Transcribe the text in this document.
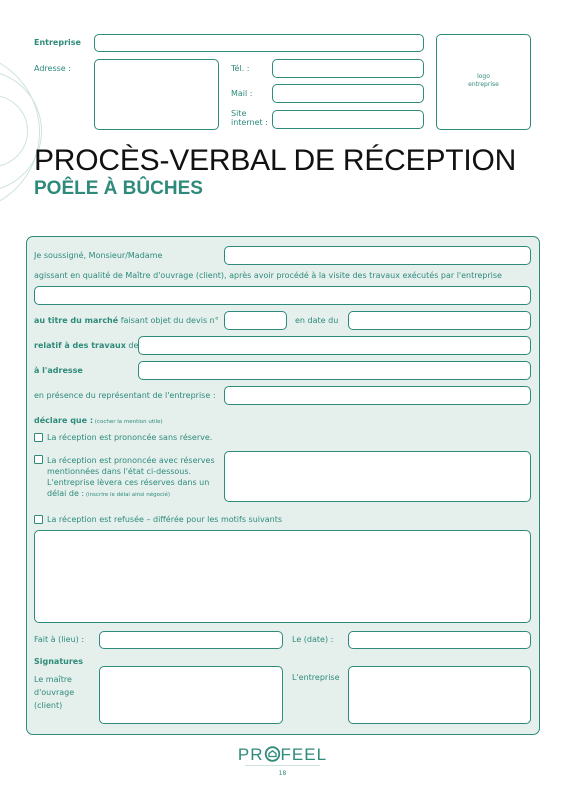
Entreprise
Adresse :	Tél. :
Mail :
Site
internet :
logo
entreprise
PROCÈS-VERBAL DE RÉCEPTION
POÊLE À BÛCHES
Je soussigné, Monsieur/Madame
agissant en qualité de Maître d'ouvrage (client), après avoir procédé à la visite des travaux exécutés par l'entreprise
au titre du marché faisant objet du devis n°	en date du
relatif à des travaux de
à l'adresse
en présence du représentant de l'entreprise :
déclare que : (cocher la mention utile)
La réception est prononcée sans réserve.
La réception est prononcée avec réserves
mentionnées dans l'état ci-dessous.
L'entreprise lèvera ces réserves dans un
délai de : (inscrire le délai ainsi négocié)
La réception est refusée – différée pour les motifs suivants
Fait à (lieu) :	Le (date) :
Signatures
Le maître
d'ouvrage
(client)
L'entreprise
PR FEEL
18
